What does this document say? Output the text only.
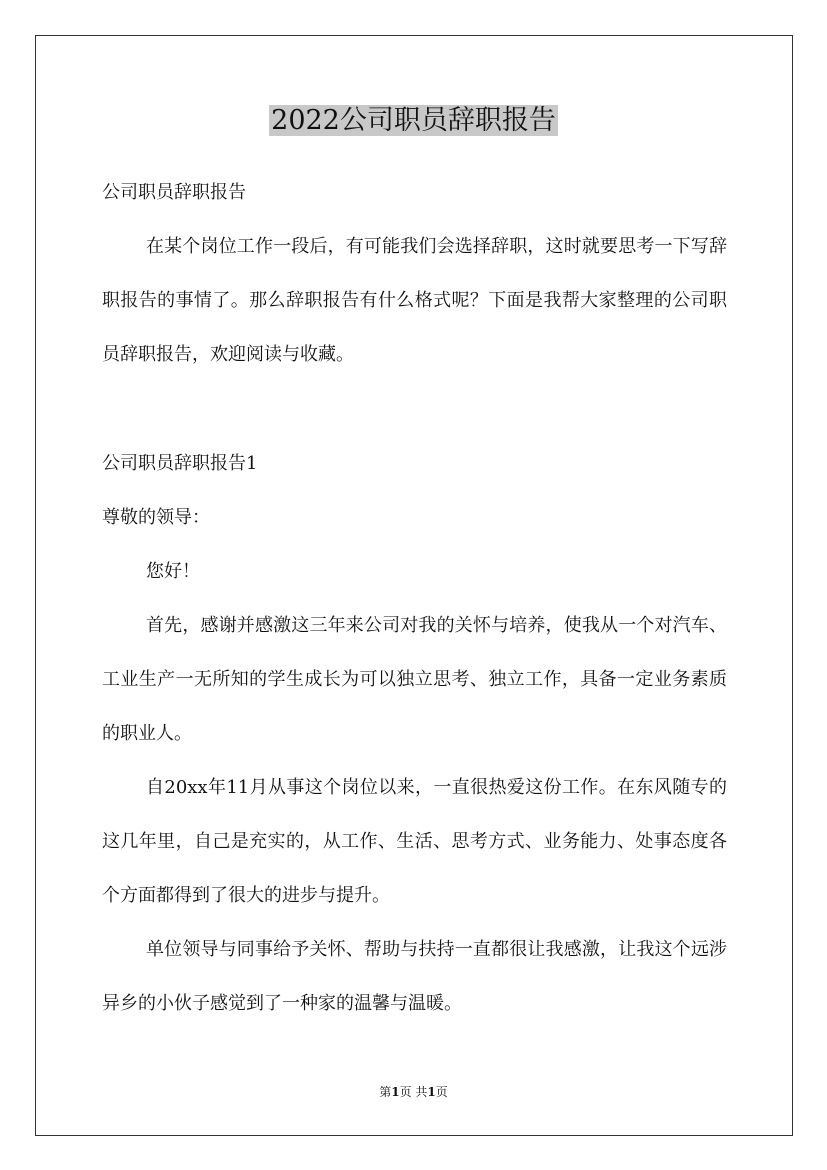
2022公司职员辞职报告

公司职员辞职报告

在某个岗位工作一段后，有可能我们会选择辞职，这时就要思考一下写辞职报告的事情了。那么辞职报告有什么格式呢？下面是我帮大家整理的公司职员辞职报告，欢迎阅读与收藏。

公司职员辞职报告1

尊敬的领导：

您好！

首先，感谢并感激这三年来公司对我的关怀与培养，使我从一个对汽车、工业生产一无所知的学生成长为可以独立思考、独立工作，具备一定业务素质的职业人。

自20xx年11月从事这个岗位以来，一直很热爱这份工作。在东风随专的这几年里，自己是充实的，从工作、生活、思考方式、业务能力、处事态度各个方面都得到了很大的进步与提升。

单位领导与同事给予关怀、帮助与扶持一直都很让我感激，让我这个远涉异乡的小伙子感觉到了一种家的温馨与温暖。

第1页 共1页
